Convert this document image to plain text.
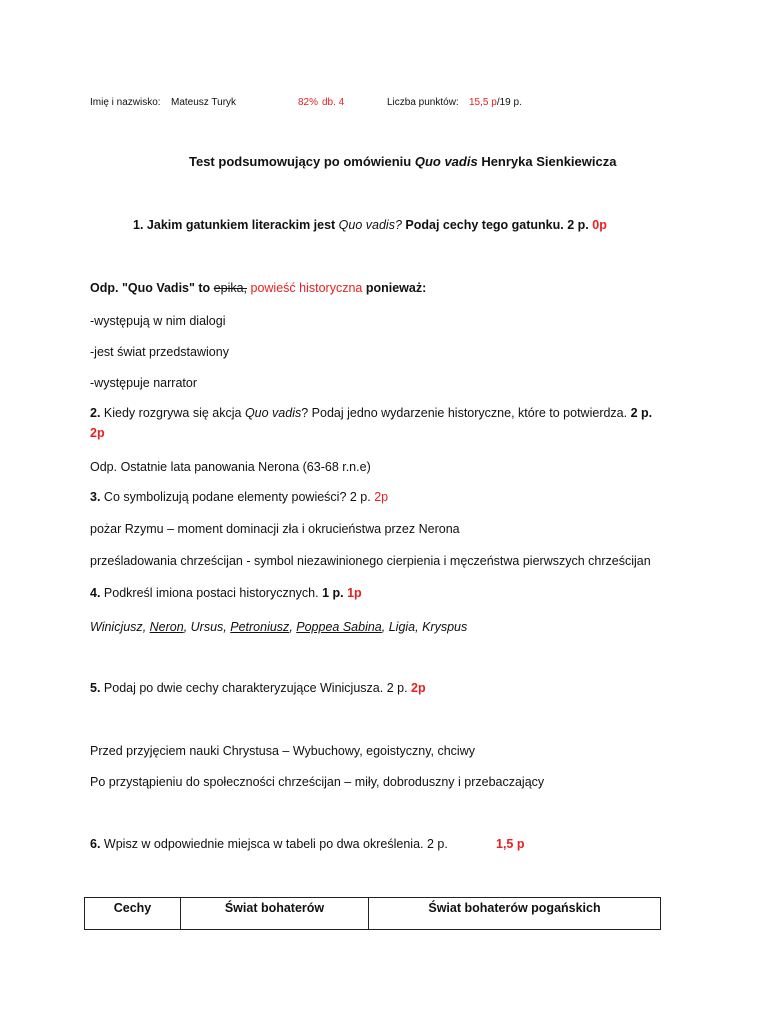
Imię i nazwisko: Mateusz Turyk	82% db. 4	Liczba punktów: 15,5 p/19 p.
Test podsumowujący po omówieniu Quo vadis Henryka Sienkiewicza
1. Jakim gatunkiem literackim jest Quo vadis? Podaj cechy tego gatunku. 2 p. 0p
Odp. "Quo Vadis" to epika, powieść historyczna ponieważ:
-występują w nim dialogi
-jest świat przedstawiony
-występuje narrator
2. Kiedy rozgrywa się akcja Quo vadis? Podaj jedno wydarzenie historyczne, które to potwierdza. 2 p.
2p
Odp. Ostatnie lata panowania Nerona (63-68 r.n.e)
3. Co symbolizują podane elementy powieści? 2 p. 2p
pożar Rzymu – moment dominacji zła i okrucieństwa przez Nerona
prześladowania chrześcijan - symbol niezawinionego cierpienia i męczeństwa pierwszych chrześcijan
4. Podkreśl imiona postaci historycznych. 1 p. 1p
Winicjusz, Neron, Ursus, Petroniusz, Poppea Sabina, Ligia, Kryspus
5. Podaj po dwie cechy charakteryzujące Winicjusza. 2 p. 2p
Przed przyjęciem nauki Chrystusa – Wybuchowy, egoistyczny, chciwy
Po przystąpieniu do społeczności chrześcijan – miły, dobroduszny i przebaczający
6. Wpisz w odpowiednie miejsca w tabeli po dwa określenia. 2 p.	1,5 p
Cechy	Świat bohaterów	Świat bohaterów pogańskich
